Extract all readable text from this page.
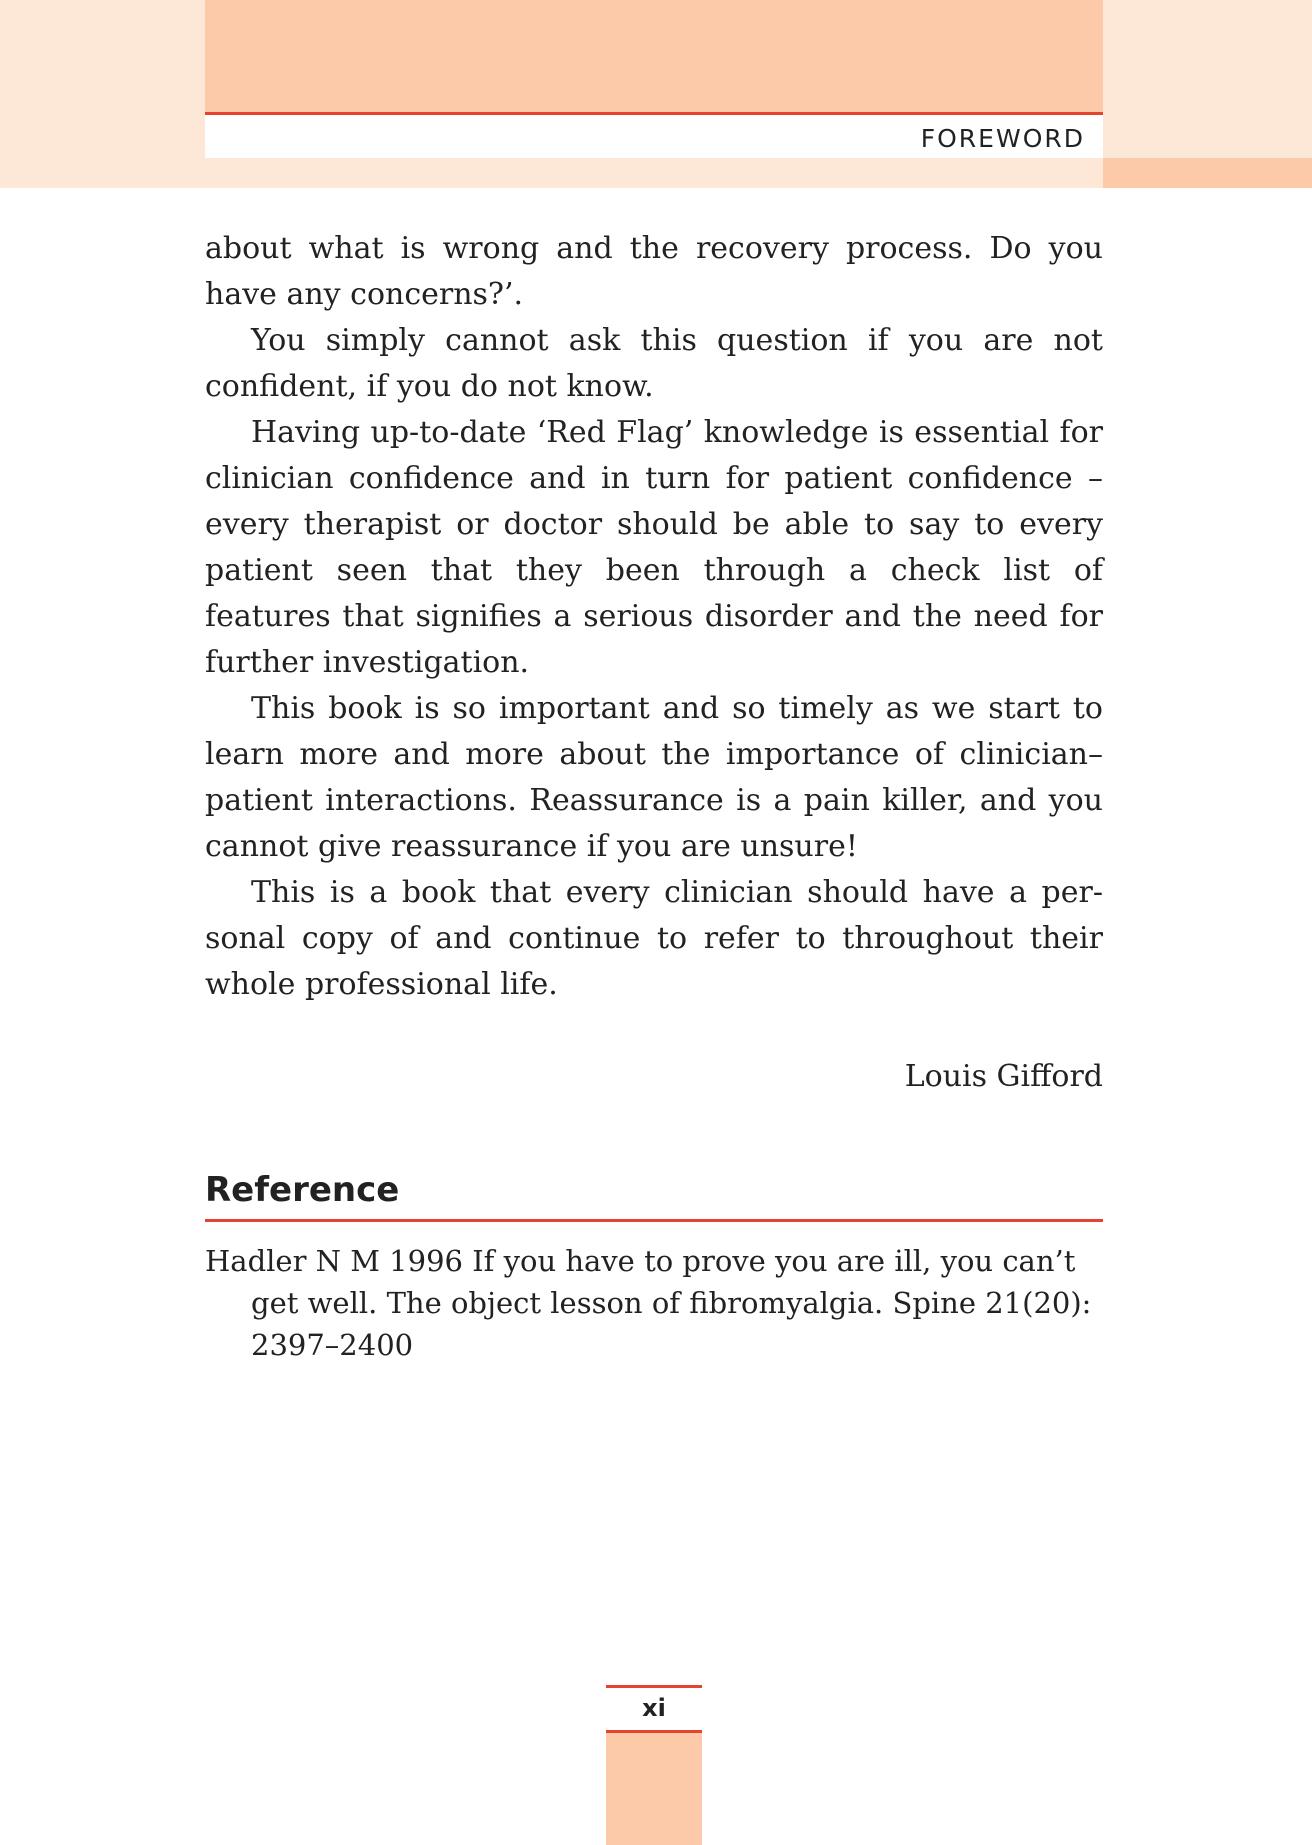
FOREWORD

about what is wrong and the recovery process. Do you have any concerns?’.

You simply cannot ask this question if you are not confident, if you do not know.

Having up-to-date ‘Red Flag’ knowledge is essential for clinician confidence and in turn for patient confidence – every therapist or doctor should be able to say to every patient seen that they been through a check list of features that signifies a serious disorder and the need for further investigation.

This book is so important and so timely as we start to learn more and more about the importance of clinician–patient interactions. Reassurance is a pain killer, and you cannot give reassurance if you are unsure!

This is a book that every clinician should have a personal copy of and continue to refer to throughout their whole professional life.

Louis Gifford

Reference
Hadler N M 1996 If you have to prove you are ill, you can’t get well. The object lesson of fibromyalgia. Spine 21(20): 2397–2400
xi
